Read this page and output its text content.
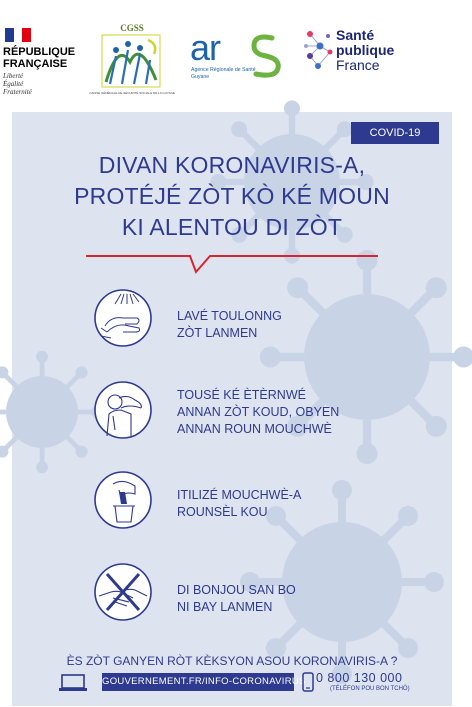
RÉPUBLIQUE
FRANÇAISE
Liberté
Égalité
Fraternité
CGSS
CAISSE GÉNÉRALE DE SÉCURITÉ SOCIALE DE LA GUYANE
ar
Agence Régionale de Santé
Guyane
Santé
publique
France
COVID-19
DIVAN KORONAVIRIS-A,
PROTÉJÉ ZÒT KÒ KÉ MOUN
KI ALENTOU DI ZÒT
LAVÉ TOULONNG
ZÒT LANMEN
TOUSÉ KÉ ÈTÈRNWÉ
ANNAN ZÒT KOUD, OBYEN
ANNAN ROUN MOUCHWÈ
ITILIZÉ MOUCHWÈ-A
ROUNSÈL KOU
DI BONJOU SAN BO
NI BAY LANMEN
ÈS ZÒT GANYEN RÒT KÈKSYON ASOU KORONAVIRIS-A ?
GOUVERNEMENT.FR/INFO-CORONAVIRUS 0 800 130 000
(TÉLÉFON POU BON TCHÒ)
